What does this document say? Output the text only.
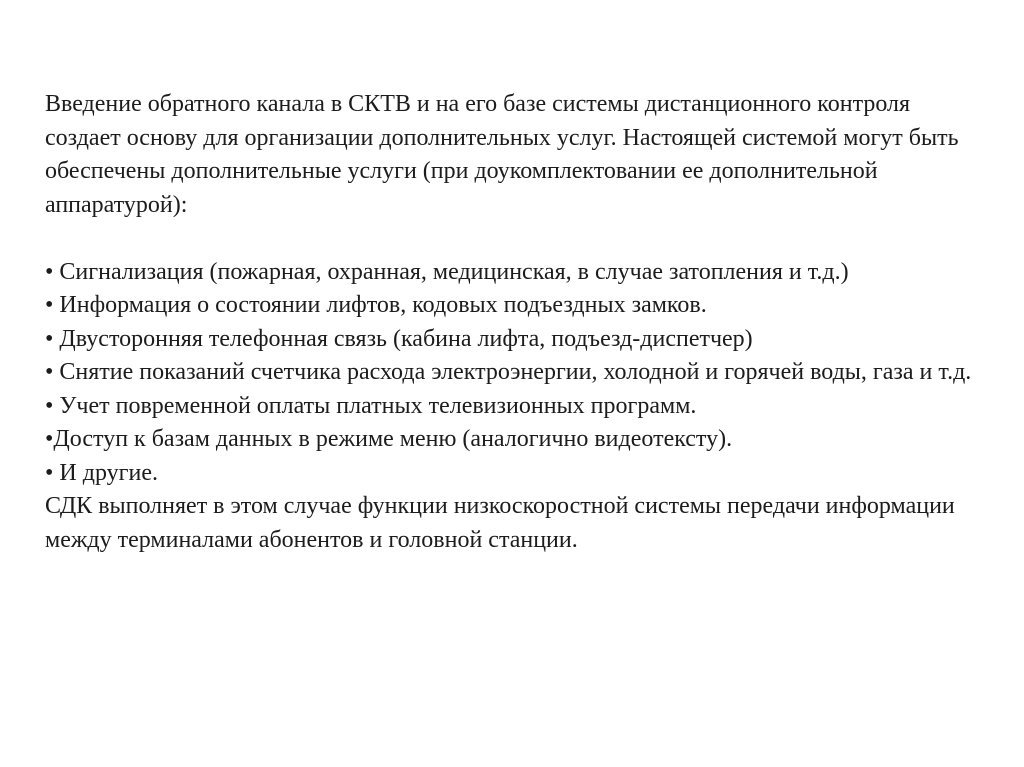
Введение обратного канала в СКТВ и на его базе системы дистанционного контроля создает основу для организации дополнительных услуг. Настоящей системой могут быть обеспечены дополнительные услуги (при доукомплектовании ее дополнительной аппаратурой):

• Сигнализация (пожарная, охранная, медицинская, в случае затопления и т.д.)
• Информация о состоянии лифтов, кодовых подъездных замков.
• Двусторонняя телефонная связь (кабина лифта, подъезд-диспетчер)
• Снятие показаний счетчика расхода электроэнергии, холодной и горячей воды, газа и т.д.
• Учет повременной оплаты платных телевизионных программ.
•Доступ к базам данных в режиме меню (аналогично видеотексту).
• И другие.

СДК выполняет в этом случае функции низкоскоростной системы передачи информации между терминалами абонентов и головной станции.
